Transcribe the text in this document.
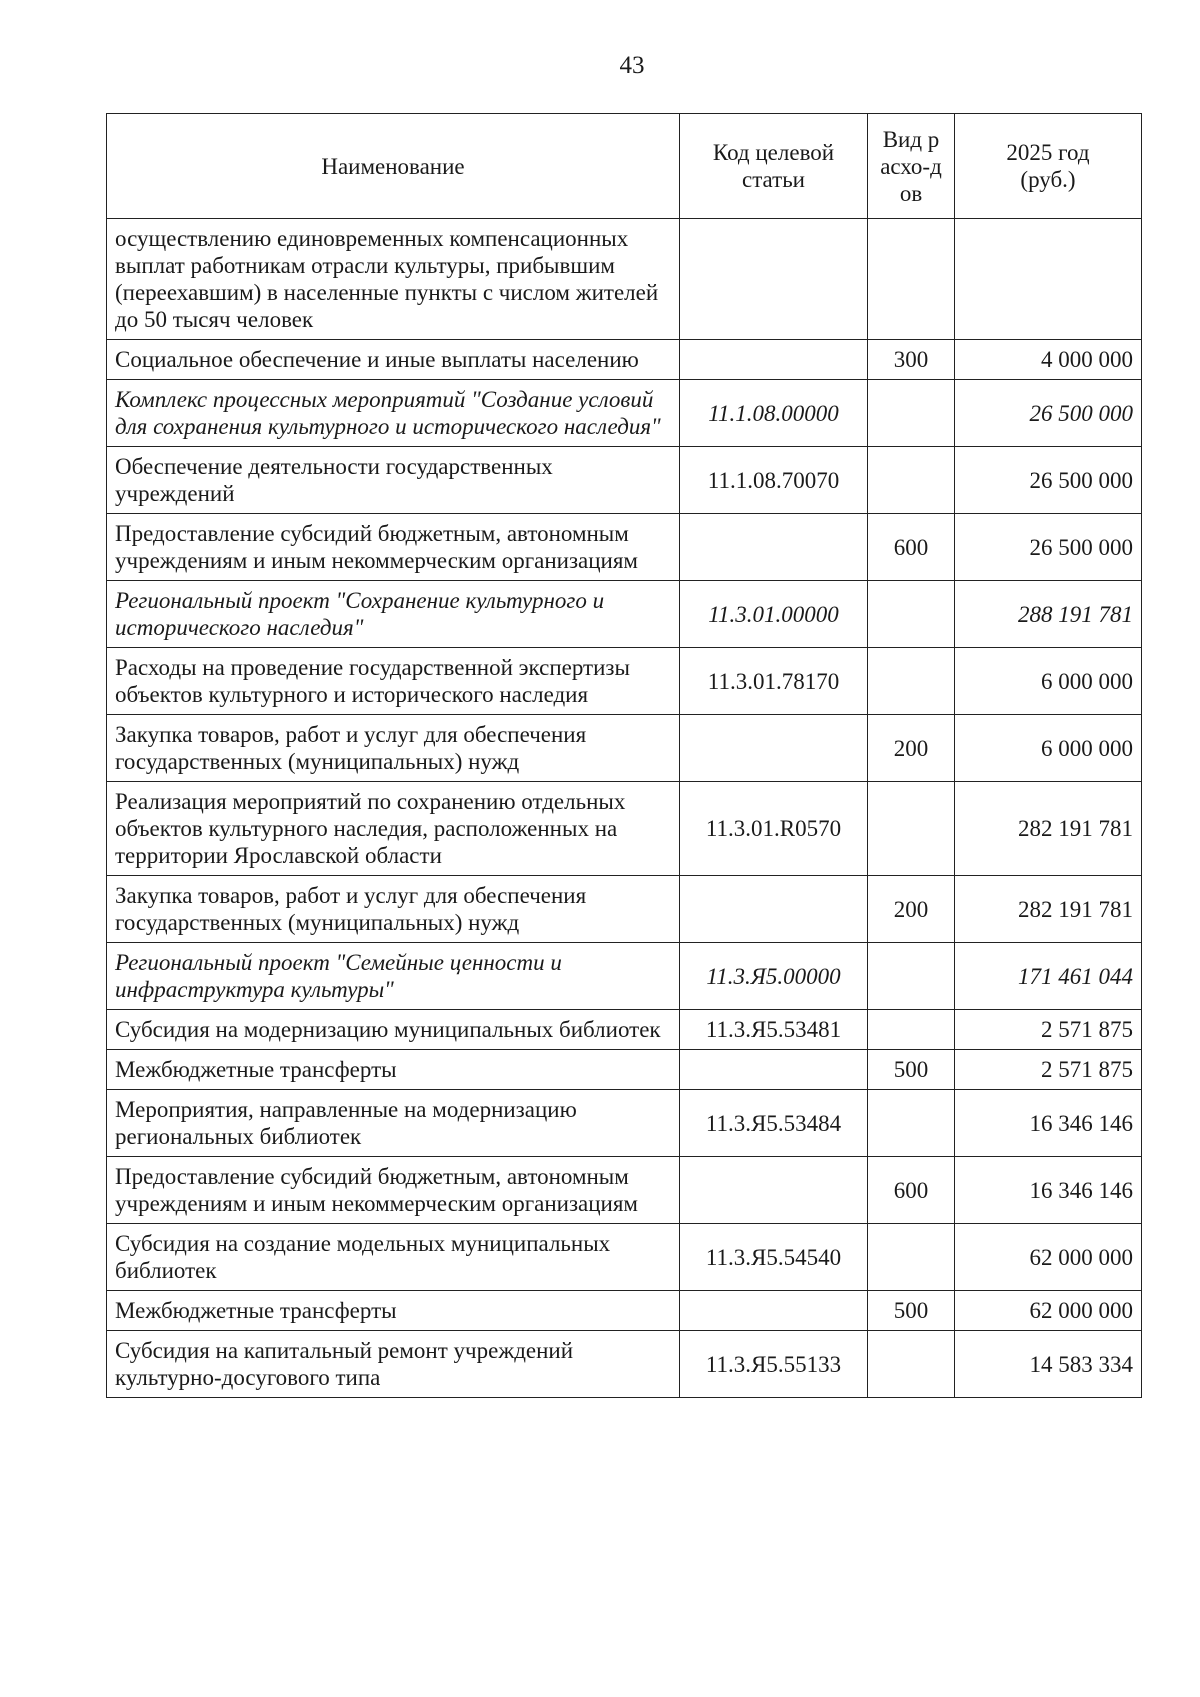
43
Наименование	Код целевой статьи	Вид расхо-дов	2025 год (руб.)
осуществлению единовременных компенсационных выплат работникам отрасли культуры, прибывшим (переехавшим) в населенные пункты с числом жителей до 50 тысяч человек			
Социальное обеспечение и иные выплаты населению		300	4 000 000
Комплекс процессных мероприятий "Создание условий для сохранения культурного и исторического наследия"	11.1.08.00000		26 500 000
Обеспечение деятельности государственных учреждений	11.1.08.70070		26 500 000
Предоставление субсидий бюджетным, автономным учреждениям и иным некоммерческим организациям		600	26 500 000
Региональный проект "Сохранение культурного и исторического наследия"	11.3.01.00000		288 191 781
Расходы на проведение государственной экспертизы объектов культурного и исторического наследия	11.3.01.78170		6 000 000
Закупка товаров, работ и услуг для обеспечения государственных (муниципальных) нужд		200	6 000 000
Реализация мероприятий по сохранению отдельных объектов культурного наследия, расположенных на территории Ярославской области	11.3.01.R0570		282 191 781
Закупка товаров, работ и услуг для обеспечения государственных (муниципальных) нужд		200	282 191 781
Региональный проект "Семейные ценности и инфраструктура культуры"	11.3.Я5.00000		171 461 044
Субсидия на модернизацию муниципальных библиотек	11.3.Я5.53481		2 571 875
Межбюджетные трансферты		500	2 571 875
Мероприятия, направленные на модернизацию региональных библиотек	11.3.Я5.53484		16 346 146
Предоставление субсидий бюджетным, автономным учреждениям и иным некоммерческим организациям		600	16 346 146
Субсидия на создание модельных муниципальных библиотек	11.3.Я5.54540		62 000 000
Межбюджетные трансферты		500	62 000 000
Субсидия на капитальный ремонт учреждений культурно-досугового типа	11.3.Я5.55133		14 583 334
